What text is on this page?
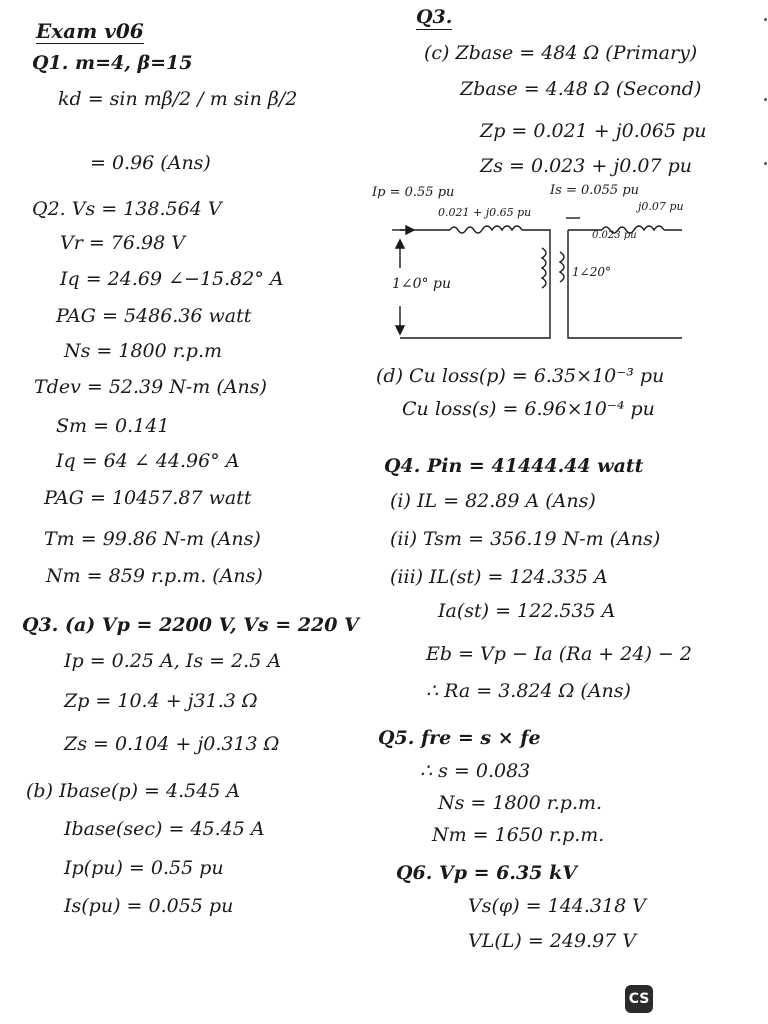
Exam v06
Q1. m=4, β=15
kd = sin mβ/2 / m sin β/2
= 0.96 (Ans)
Q2. Vs = 138.564 V
Vr = 76.98 V
Iq = 24.69 ∠−15.82° A
PAG = 5486.36 watt
Ns = 1800 r.p.m
Tdev = 52.39 N-m (Ans)
Sm = 0.141
Iq = 64 ∠ 44.96° A
PAG = 10457.87 watt
Tm = 99.86 N-m (Ans)
Nm = 859 r.p.m. (Ans)
Q3. (a) Vp = 2200 V, Vs = 220 V
Ip = 0.25 A, Is = 2.5 A
Zp = 10.4 + j31.3 Ω
Zs = 0.104 + j0.313 Ω
(b) Ibase(p) = 4.545 A
Ibase(sec) = 45.45 A
Ip(pu) = 0.55 pu
Is(pu) = 0.055 pu
Q3.
(c) Zbase = 484 Ω (Primary)
Zbase = 4.48 Ω (Second)
Zp = 0.021 + j0.065 pu
Zs = 0.023 + j0.07 pu
Ip = 0.55 pu
0.021 + j0.65 pu
Is = 0.055 pu
j0.07 pu
0.023 pu
1∠0° pu
1∠20°
(d) Cu loss(p) = 6.35×10⁻³ pu
Cu loss(s) = 6.96×10⁻⁴ pu
Q4. Pin = 41444.44 watt
(i) IL = 82.89 A (Ans)
(ii) Tsm = 356.19 N-m (Ans)
(iii) IL(st) = 124.335 A
Ia(st) = 122.535 A
Eb = Vp − Ia (Ra + 24) − 2
∴ Ra = 3.824 Ω (Ans)
Q5. fre = s × fe
∴ s = 0.083
Ns = 1800 r.p.m.
Nm = 1650 r.p.m.
Q6. Vp = 6.35 kV
Vs(φ) = 144.318 V
VL(L) = 249.97 V
CS
